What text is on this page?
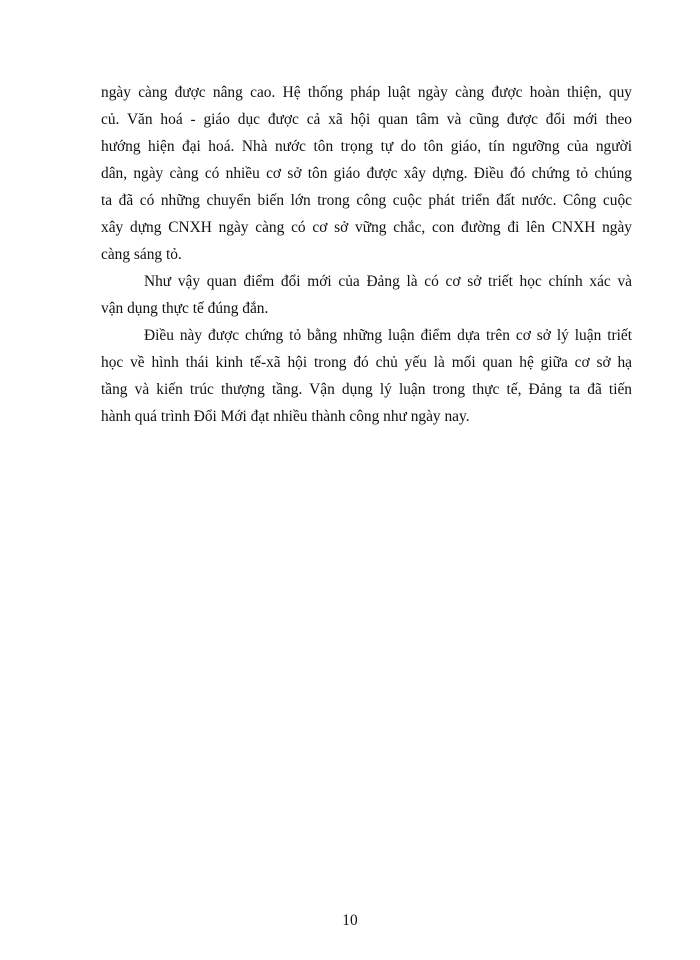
ngày càng được nâng cao. Hệ thống pháp luật ngày càng được hoàn thiện, quy
củ. Văn hoá - giáo dục được cả xã hội quan tâm và cũng được đổi mới theo
hướng hiện đại hoá. Nhà nước tôn trọng tự do tôn giáo, tín ngưỡng của người
dân, ngày càng có nhiều cơ sở tôn giáo được xây dựng. Điều đó chứng tỏ chúng
ta đã có những chuyển biến lớn trong công cuộc phát triển đất nước. Công cuộc
xây dựng CNXH ngày càng có cơ sở vững chắc, con đường đi lên CNXH ngày
càng sáng tỏ.
Như vậy quan điểm đổi mới của Đảng là có cơ sở triết học chính xác và
vận dụng thực tế đúng đắn.
Điều này được chứng tỏ bằng những luận điểm dựa trên cơ sở lý luận triết
học về hình thái kinh tế-xã hội trong đó chủ yếu là mối quan hệ giữa cơ sở hạ
tầng và kiến trúc thượng tầng. Vận dụng lý luận trong thực tế, Đảng ta đã tiến
hành quá trình Đổi Mới đạt nhiều thành công như ngày nay.
10
